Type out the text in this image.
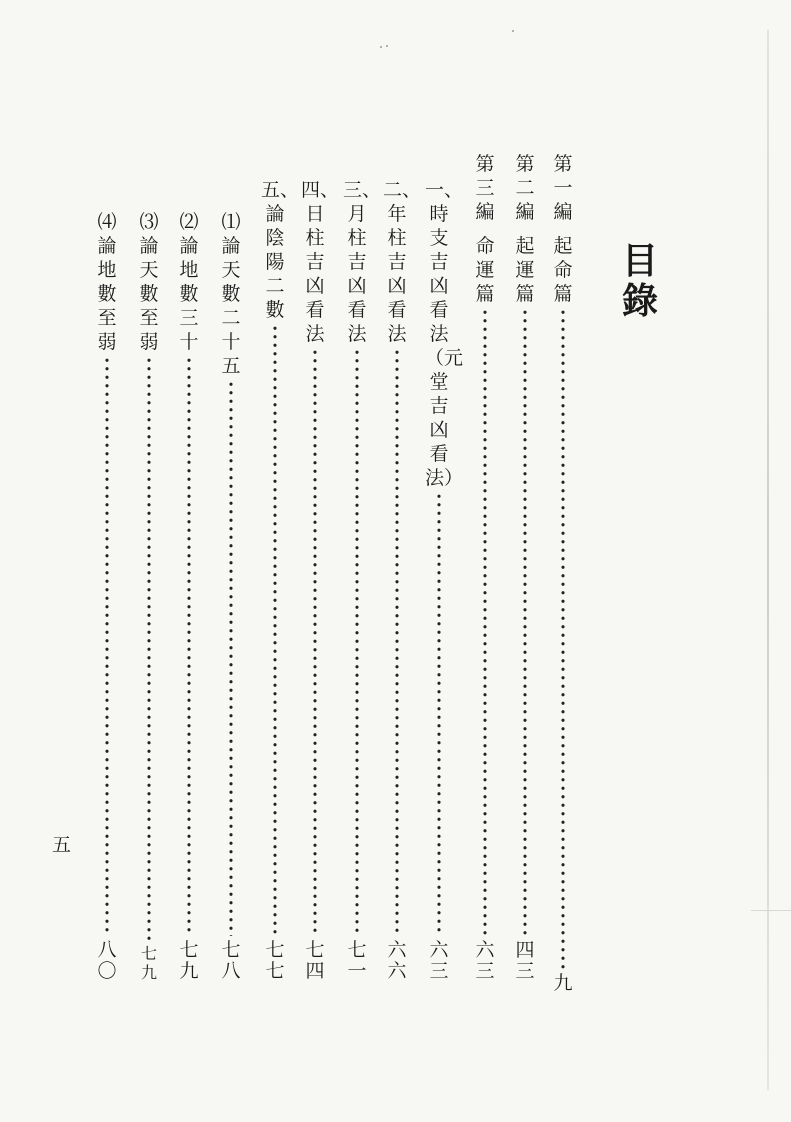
目錄
第一編
起命篇
九
第二編
起運篇
四三
第三編
命運篇
六三
一、時支吉凶看法（元堂吉凶看法）
六三
二、年柱吉凶看法
六六
三、月柱吉凶看法
七一
四、日柱吉凶看法
七四
五、論陰陽二數
七七
⑴論天數二十五
七八
⑵論地數三十
七九
⑶論天數至弱
七九
⑷論地數至弱
八〇
五
